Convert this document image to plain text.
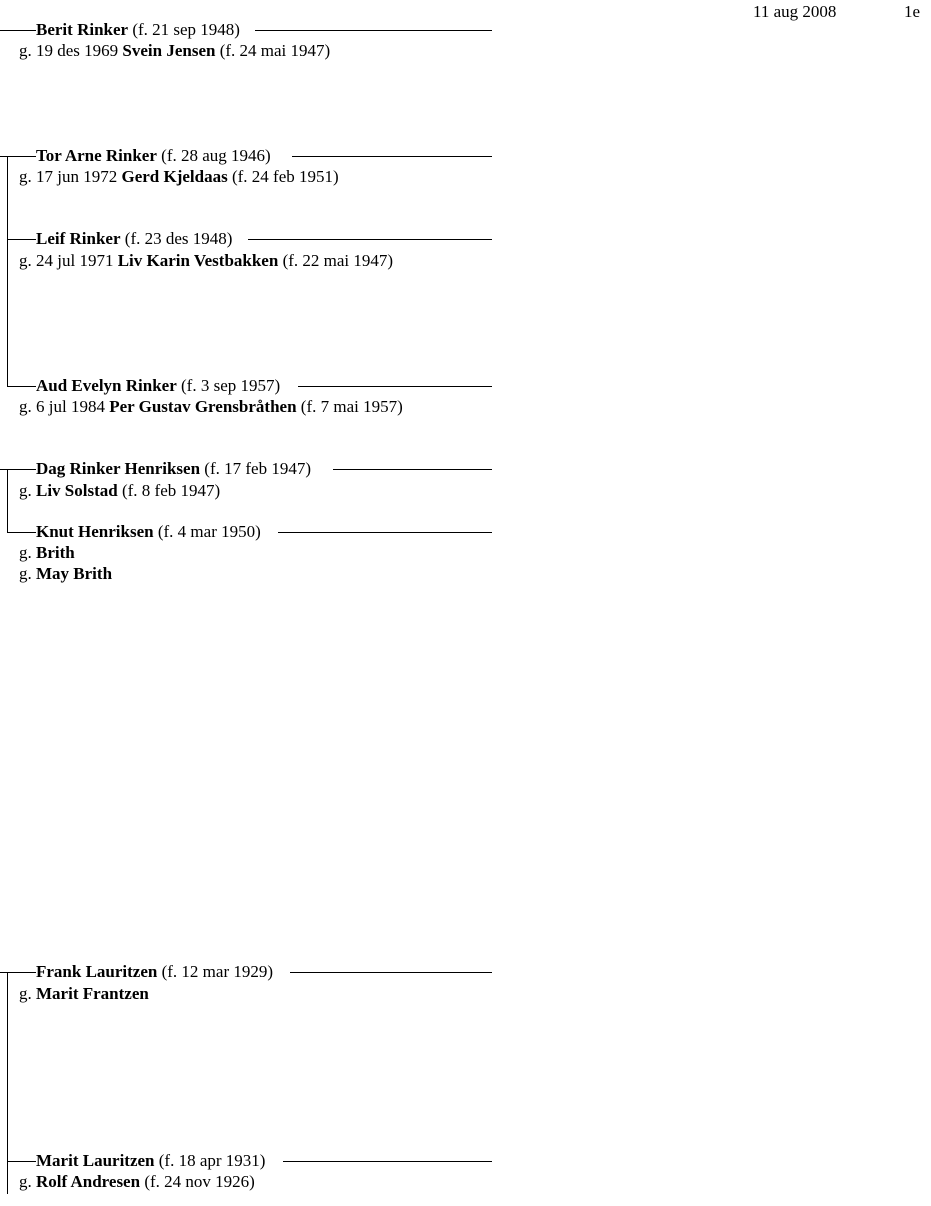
11 aug 2008	1e
Berit Rinker (f. 21 sep 1948)
g. 19 des 1969 Svein Jensen (f. 24 mai 1947)
Tor Arne Rinker (f. 28 aug 1946)
g. 17 jun 1972 Gerd Kjeldaas (f. 24 feb 1951)
Leif Rinker (f. 23 des 1948)
g. 24 jul 1971 Liv Karin Vestbakken (f. 22 mai 1947)
Aud Evelyn Rinker (f. 3 sep 1957)
g. 6 jul 1984 Per Gustav Grensbråthen (f. 7 mai 1957)
Dag Rinker Henriksen (f. 17 feb 1947)
g. Liv Solstad (f. 8 feb 1947)
Knut Henriksen (f. 4 mar 1950)
g. Brith
g. May Brith
Frank Lauritzen (f. 12 mar 1929)
g. Marit Frantzen
Marit Lauritzen (f. 18 apr 1931)
g. Rolf Andresen (f. 24 nov 1926)
